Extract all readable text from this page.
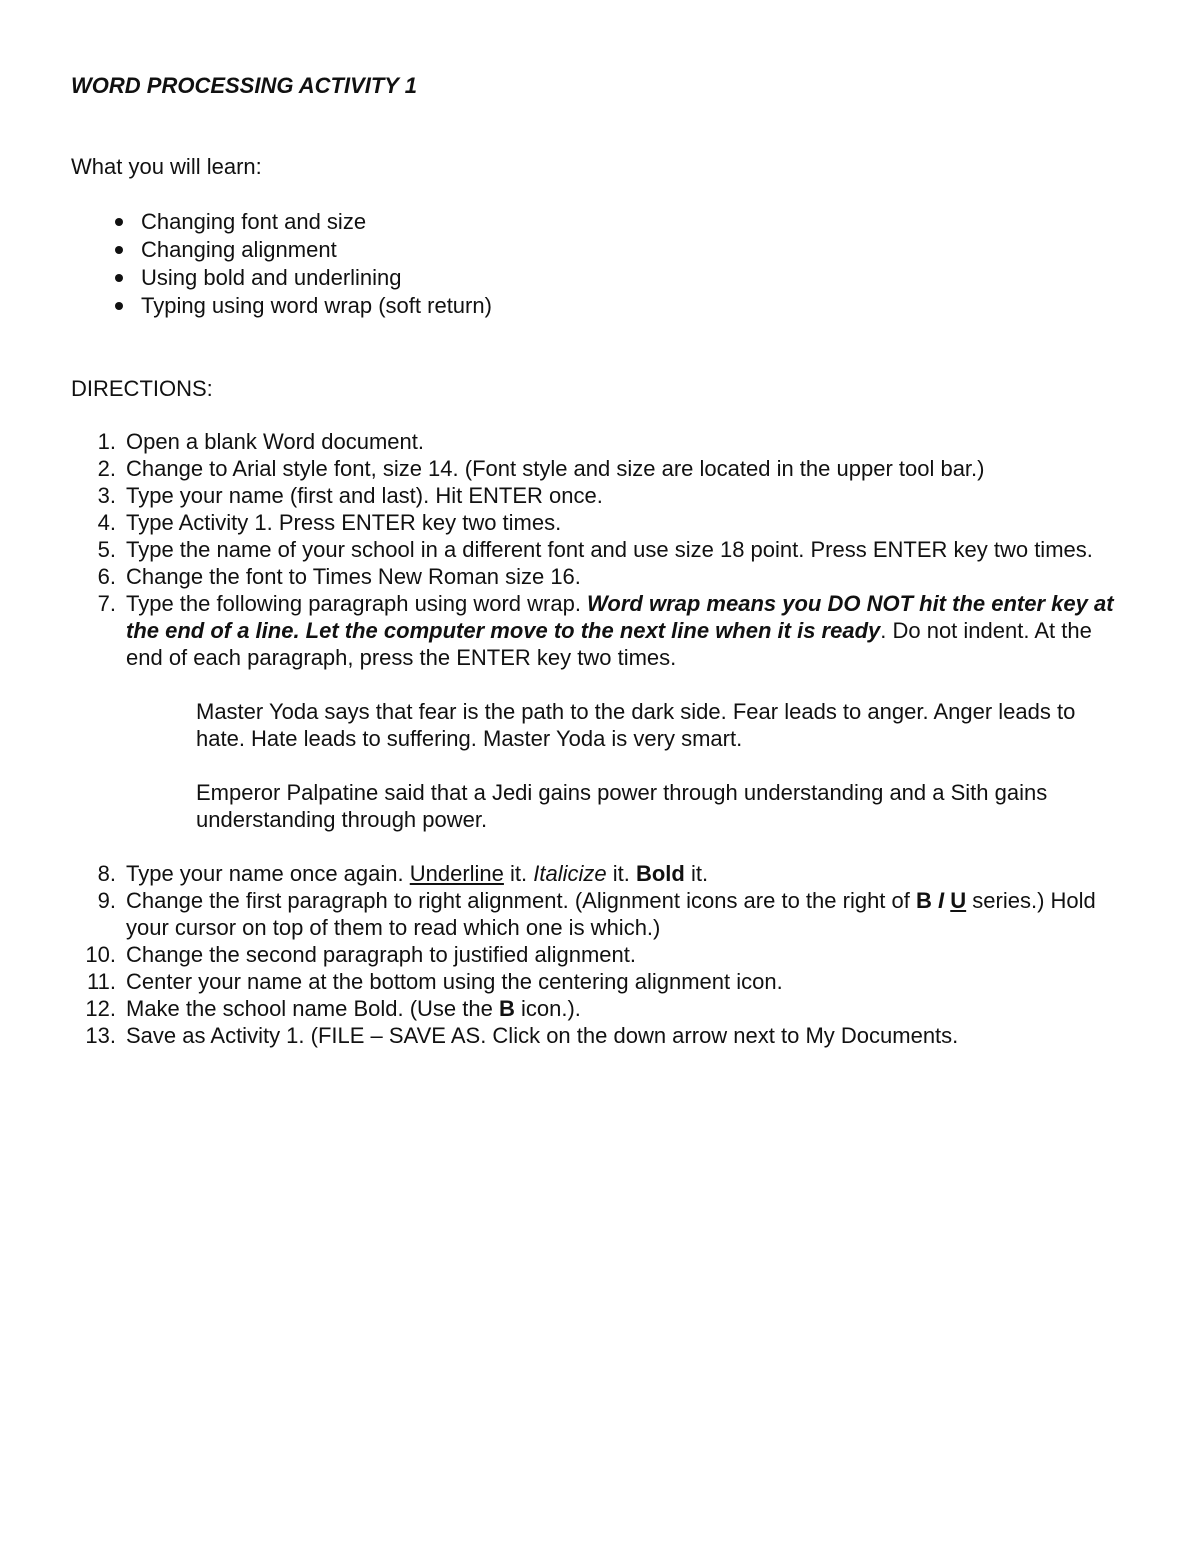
WORD PROCESSING ACTIVITY 1

What you will learn:

Changing font and size
Changing alignment
Using bold and underlining
Typing using word wrap (soft return)

DIRECTIONS:

1. Open a blank Word document.
2. Change to Arial style font, size 14. (Font style and size are located in the upper tool bar.)
3. Type your name (first and last). Hit ENTER once.
4. Type Activity 1. Press ENTER key two times.
5. Type the name of your school in a different font and use size 18 point. Press ENTER key two times.
6. Change the font to Times New Roman size 16.
7. Type the following paragraph using word wrap. Word wrap means you DO NOT hit the enter key at the end of a line. Let the computer move to the next line when it is ready. Do not indent. At the end of each paragraph, press the ENTER key two times.
Master Yoda says that fear is the path to the dark side. Fear leads to anger. Anger leads to hate. Hate leads to suffering. Master Yoda is very smart.
Emperor Palpatine said that a Jedi gains power through understanding and a Sith gains understanding through power.
8. Type your name once again. Underline it. Italicize it. Bold it.
9. Change the first paragraph to right alignment. (Alignment icons are to the right of B I U series.) Hold your cursor on top of them to read which one is which.)
10. Change the second paragraph to justified alignment.
11. Center your name at the bottom using the centering alignment icon.
12. Make the school name Bold. (Use the B icon.).
13. Save as Activity 1. (FILE – SAVE AS. Click on the down arrow next to My Documents.
